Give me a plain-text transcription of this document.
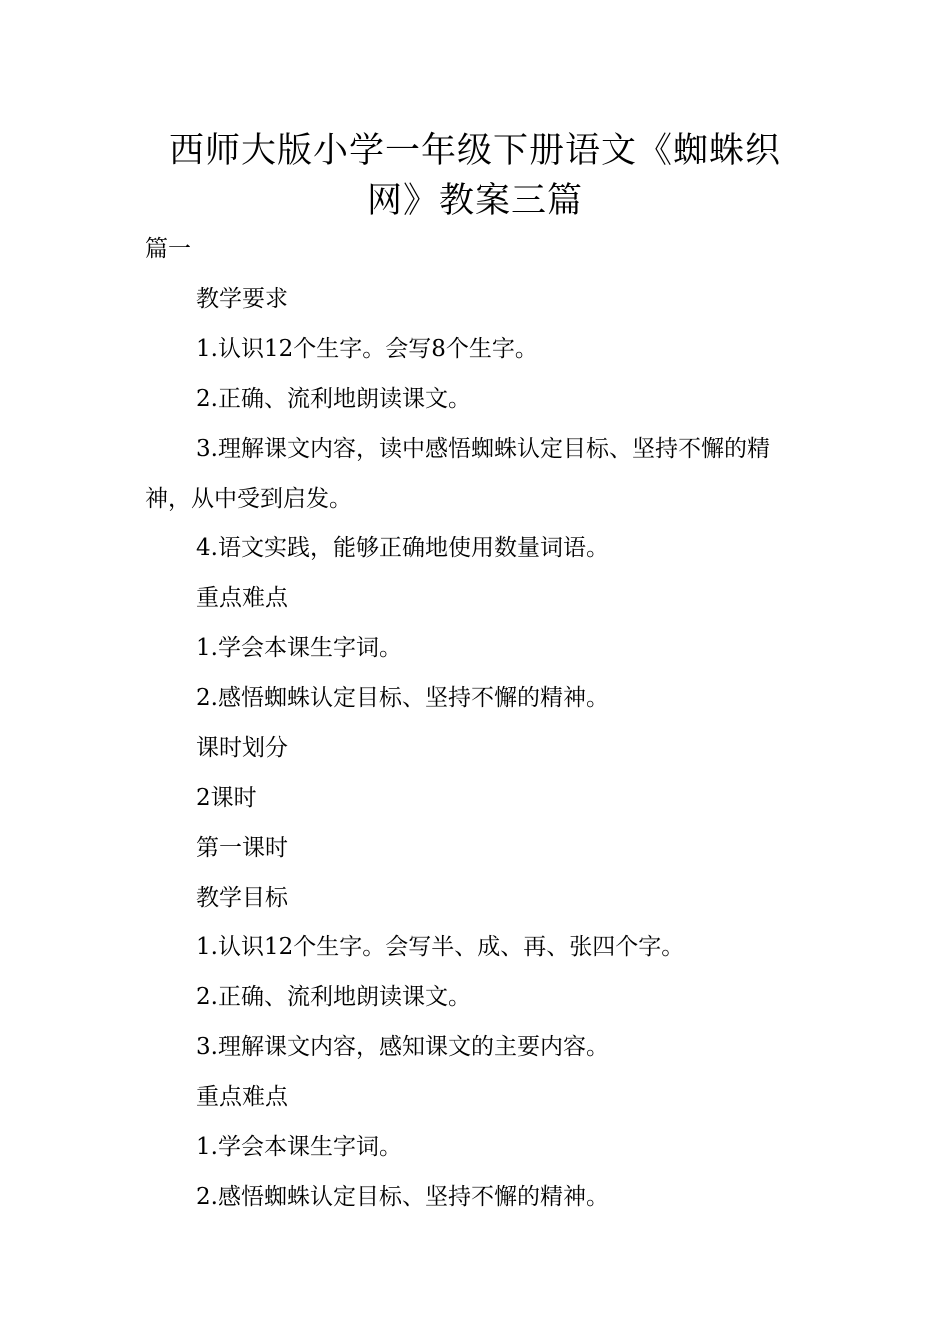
西师大版小学一年级下册语文《蜘蛛织
网》教案三篇
篇一
教学要求
1.认识12个生字。会写8个生字。
2.正确、流利地朗读课文。
3.理解课文内容，读中感悟蜘蛛认定目标、坚持不懈的精神，从中受到启发。
4.语文实践，能够正确地使用数量词语。
重点难点
1.学会本课生字词。
2.感悟蜘蛛认定目标、坚持不懈的精神。
课时划分
2课时
第一课时
教学目标
1.认识12个生字。会写半、成、再、张四个字。
2.正确、流利地朗读课文。
3.理解课文内容，感知课文的主要内容。
重点难点
1.学会本课生字词。
2.感悟蜘蛛认定目标、坚持不懈的精神。
